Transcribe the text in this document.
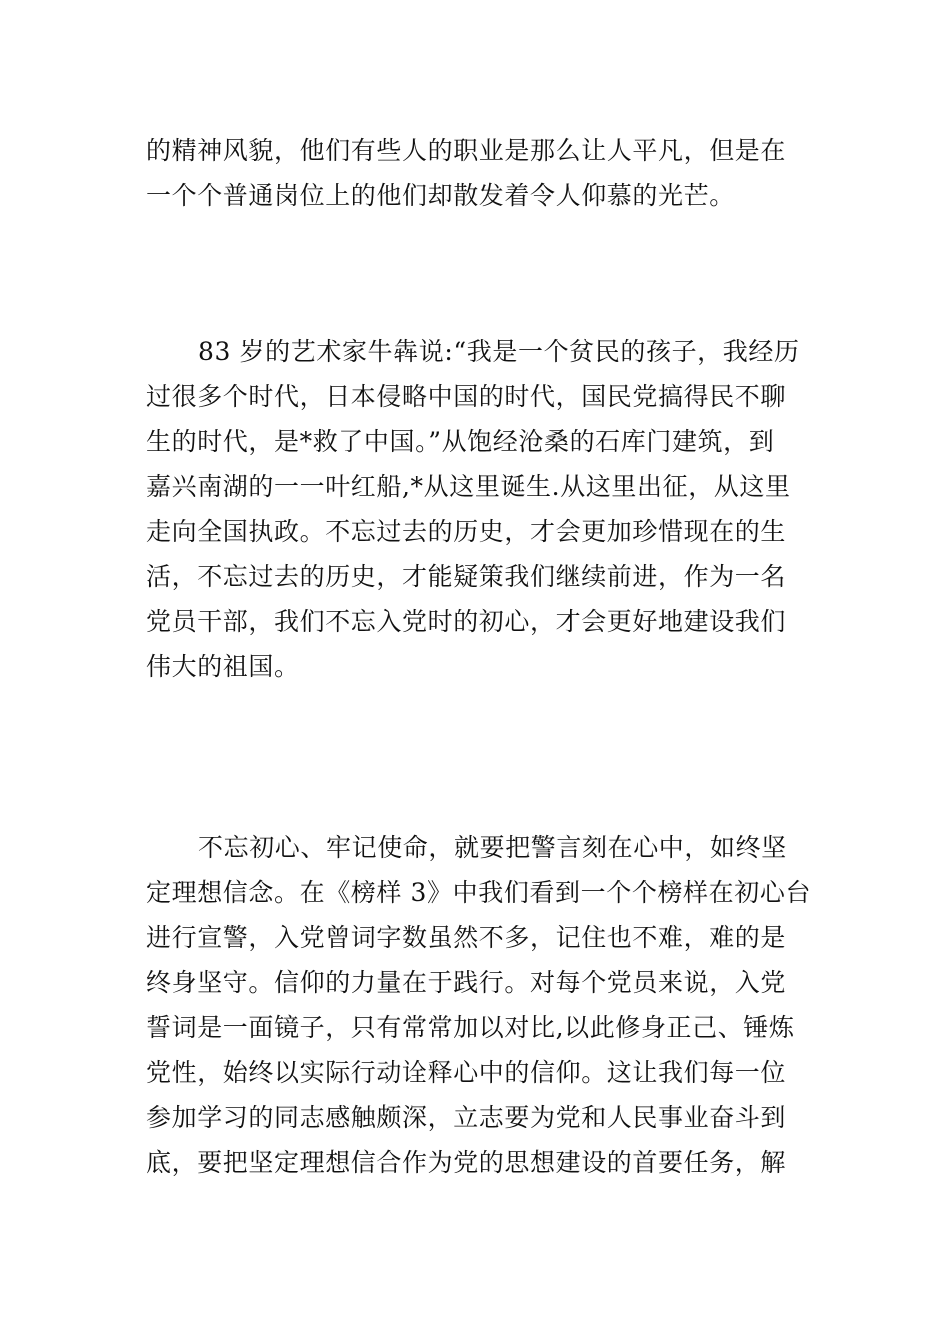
的精神风貌，他们有些人的职业是那么让人平凡，但是在
一个个普通岗位上的他们却散发着令人仰慕的光芒。
83 岁的艺术家牛犇说:“我是一个贫民的孩子，我经历
过很多个时代，日本侵略中国的时代，国民党搞得民不聊
生的时代，是*救了中国。”从饱经沧桑的石库门建筑，到
嘉兴南湖的一一叶红船,*从这里诞生.从这里出征，从这里
走向全国执政。不忘过去的历史，才会更加珍惜现在的生
活，不忘过去的历史，才能疑策我们继续前进，作为一名
党员干部，我们不忘入党时的初心，才会更好地建设我们
伟大的祖国。
不忘初心、牢记使命，就要把警言刻在心中，如终坚
定理想信念。在《榜样 3》中我们看到一个个榜样在初心台
进行宣警，入党曾词字数虽然不多，记住也不难，难的是
终身坚守。信仰的力量在于践行。对每个党员来说，入党
誓词是一面镜子，只有常常加以对比,以此修身正己、锤炼
党性，始终以实际行动诠释心中的信仰。这让我们每一位
参加学习的同志感触颇深，立志要为党和人民事业奋斗到
底，要把坚定理想信合作为党的思想建设的首要任务，解
